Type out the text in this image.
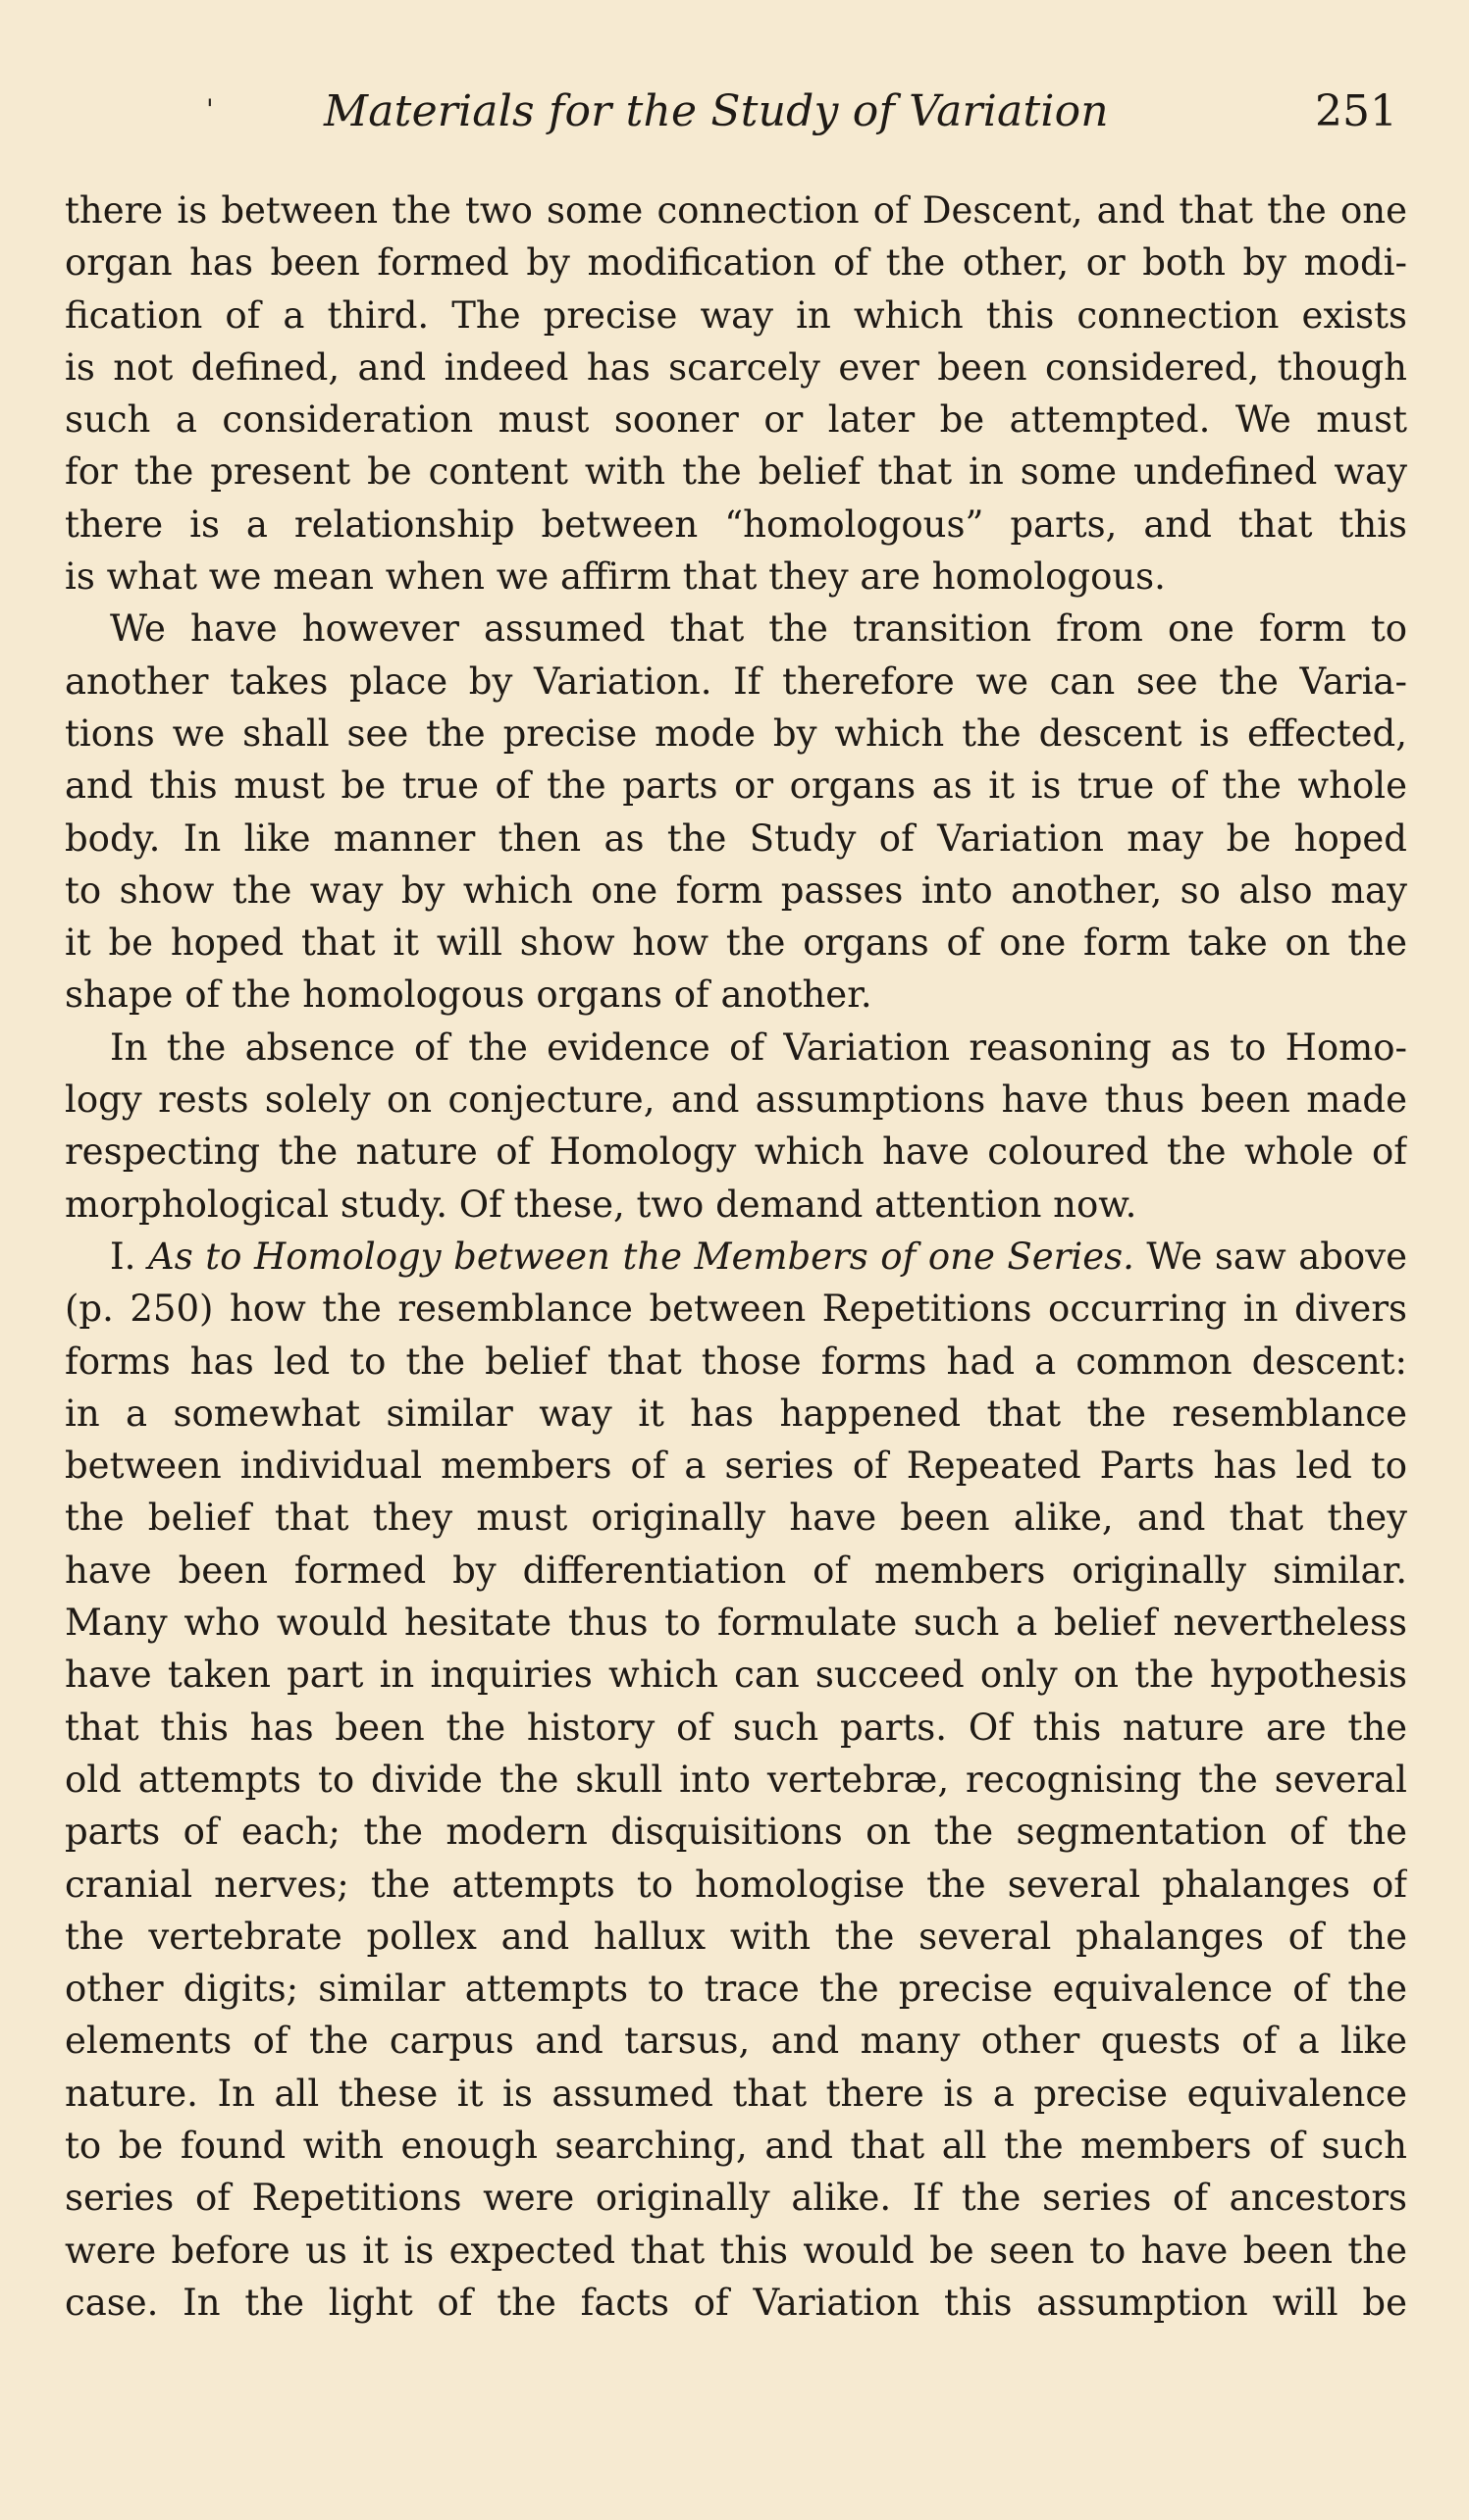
'	Materials for the Study of Variation	251
there is between the two some connection of Descent, and that the one
organ has been formed by modification of the other, or both by modi-
fication of a third. The precise way in which this connection exists
is not defined, and indeed has scarcely ever been considered, though
such a consideration must sooner or later be attempted. We must
for the present be content with the belief that in some undefined way
there is a relationship between “homologous” parts, and that this
is what we mean when we affirm that they are homologous.
We have however assumed that the transition from one form to
another takes place by Variation. If therefore we can see the Varia-
tions we shall see the precise mode by which the descent is effected,
and this must be true of the parts or organs as it is true of the whole
body. In like manner then as the Study of Variation may be hoped
to show the way by which one form passes into another, so also may
it be hoped that it will show how the organs of one form take on the
shape of the homologous organs of another.
In the absence of the evidence of Variation reasoning as to Homo-
logy rests solely on conjecture, and assumptions have thus been made
respecting the nature of Homology which have coloured the whole of
morphological study. Of these, two demand attention now.
I. As to Homology between the Members of one Series. We saw above
(p. 250) how the resemblance between Repetitions occurring in divers
forms has led to the belief that those forms had a common descent:
in a somewhat similar way it has happened that the resemblance
between individual members of a series of Repeated Parts has led to
the belief that they must originally have been alike, and that they
have been formed by differentiation of members originally similar.
Many who would hesitate thus to formulate such a belief nevertheless
have taken part in inquiries which can succeed only on the hypothesis
that this has been the history of such parts. Of this nature are the
old attempts to divide the skull into vertebræ, recognising the several
parts of each; the modern disquisitions on the segmentation of the
cranial nerves; the attempts to homologise the several phalanges of
the vertebrate pollex and hallux with the several phalanges of the
other digits; similar attempts to trace the precise equivalence of the
elements of the carpus and tarsus, and many other quests of a like
nature. In all these it is assumed that there is a precise equivalence
to be found with enough searching, and that all the members of such
series of Repetitions were originally alike. If the series of ancestors
were before us it is expected that this would be seen to have been the
case. In the light of the facts of Variation this assumption will be
